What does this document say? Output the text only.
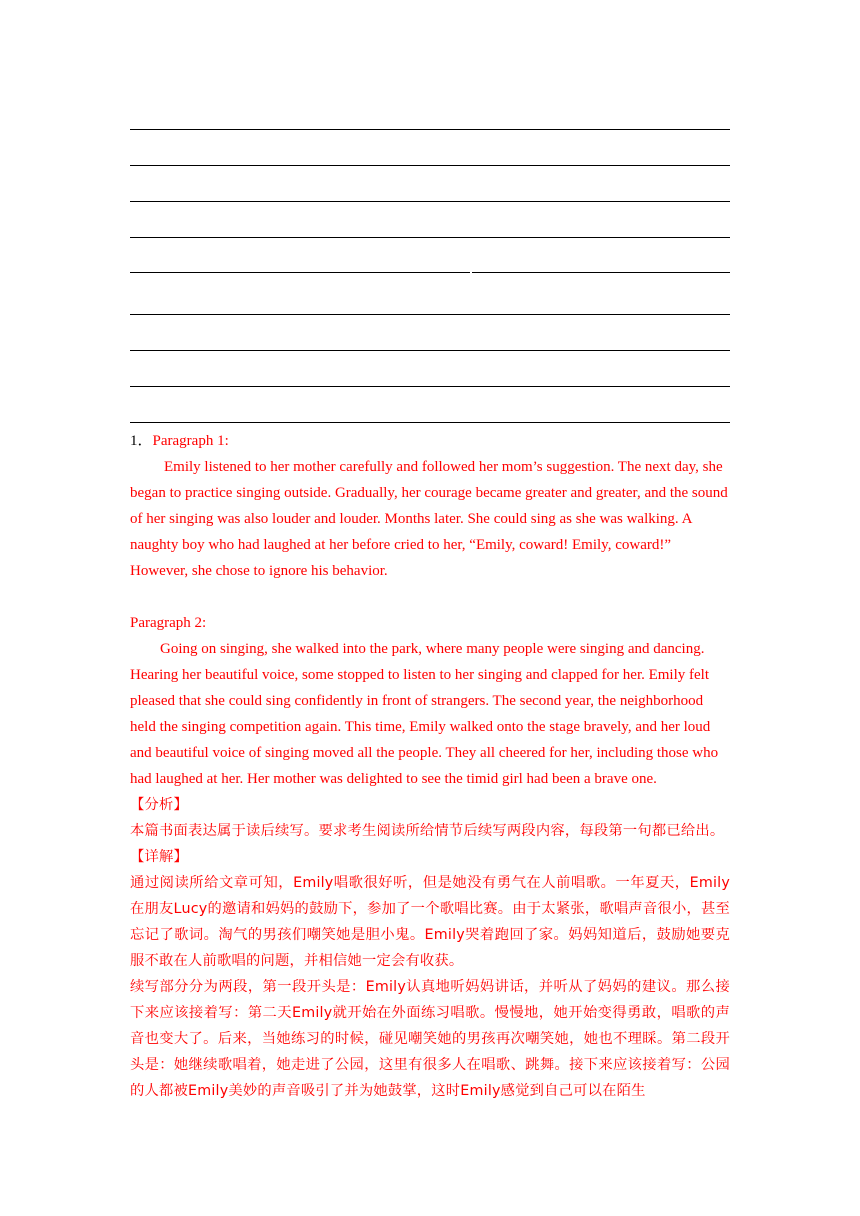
1．Paragraph 1:

Emily listened to her mother carefully and followed her mom’s suggestion. The next day, she began to practice singing outside. Gradually, her courage became greater and greater, and the sound of her singing was also louder and louder. Months later. She could sing as she was walking. A naughty boy who had laughed at her before cried to her, “Emily, coward! Emily, coward!” However, she chose to ignore his behavior.

Paragraph 2:

Going on singing, she walked into the park, where many people were singing and dancing. Hearing her beautiful voice, some stopped to listen to her singing and clapped for her. Emily felt pleased that she could sing confidently in front of strangers. The second year, the neighborhood held the singing competition again. This time, Emily walked onto the stage bravely, and her loud and beautiful voice of singing moved all the people. They all cheered for her, including those who had laughed at her. Her mother was delighted to see the timid girl had been a brave one.

【分析】

本篇书面表达属于读后续写。要求考生阅读所给情节后续写两段内容，每段第一句都已给出。

【详解】

通过阅读所给文章可知，Emily唱歌很好听，但是她没有勇气在人前唱歌。一年夏天，Emily在朋友Lucy的邀请和妈妈的鼓励下，参加了一个歌唱比赛。由于太紧张，歌唱声音很小，甚至忘记了歌词。淘气的男孩们嘲笑她是胆小鬼。Emily哭着跑回了家。妈妈知道后，鼓励她要克服不敢在人前歌唱的问题，并相信她一定会有收获。

续写部分分为两段，第一段开头是：Emily认真地听妈妈讲话，并听从了妈妈的建议。那么接下来应该接着写：第二天Emily就开始在外面练习唱歌。慢慢地，她开始变得勇敢，唱歌的声音也变大了。后来，当她练习的时候，碰见嘲笑她的男孩再次嘲笑她，她也不理睬。第二段开头是：她继续歌唱着，她走进了公园，这里有很多人在唱歌、跳舞。接下来应该接着写：公园的人都被Emily美妙的声音吸引了并为她鼓掌，这时Emily感觉到自己可以在陌生
